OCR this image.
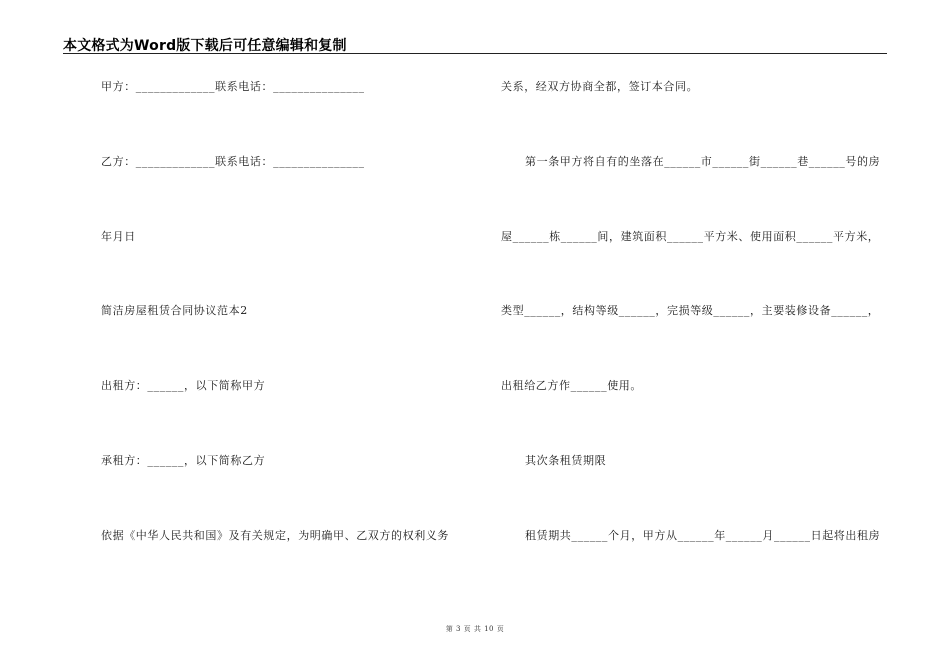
本文格式为Word版下载后可任意编辑和复制
甲方：_____________联系电话：_______________
乙方：_____________联系电话：_______________
年月日
简洁房屋租赁合同协议范本2
出租方：______，以下简称甲方
承租方：______，以下简称乙方
依据《中华人民共和国》及有关规定，为明确甲、乙双方的权利义务
关系，经双方协商全都，签订本合同。
第一条甲方将自有的坐落在______市______街______巷______号的房
屋______栋______间，建筑面积______平方米、使用面积______平方米，
类型______，结构等级______，完损等级______，主要装修设备______，
出租给乙方作______使用。
其次条租赁期限
租赁期共______个月，甲方从______年______月______日起将出租房
第 3 页 共 10 页
